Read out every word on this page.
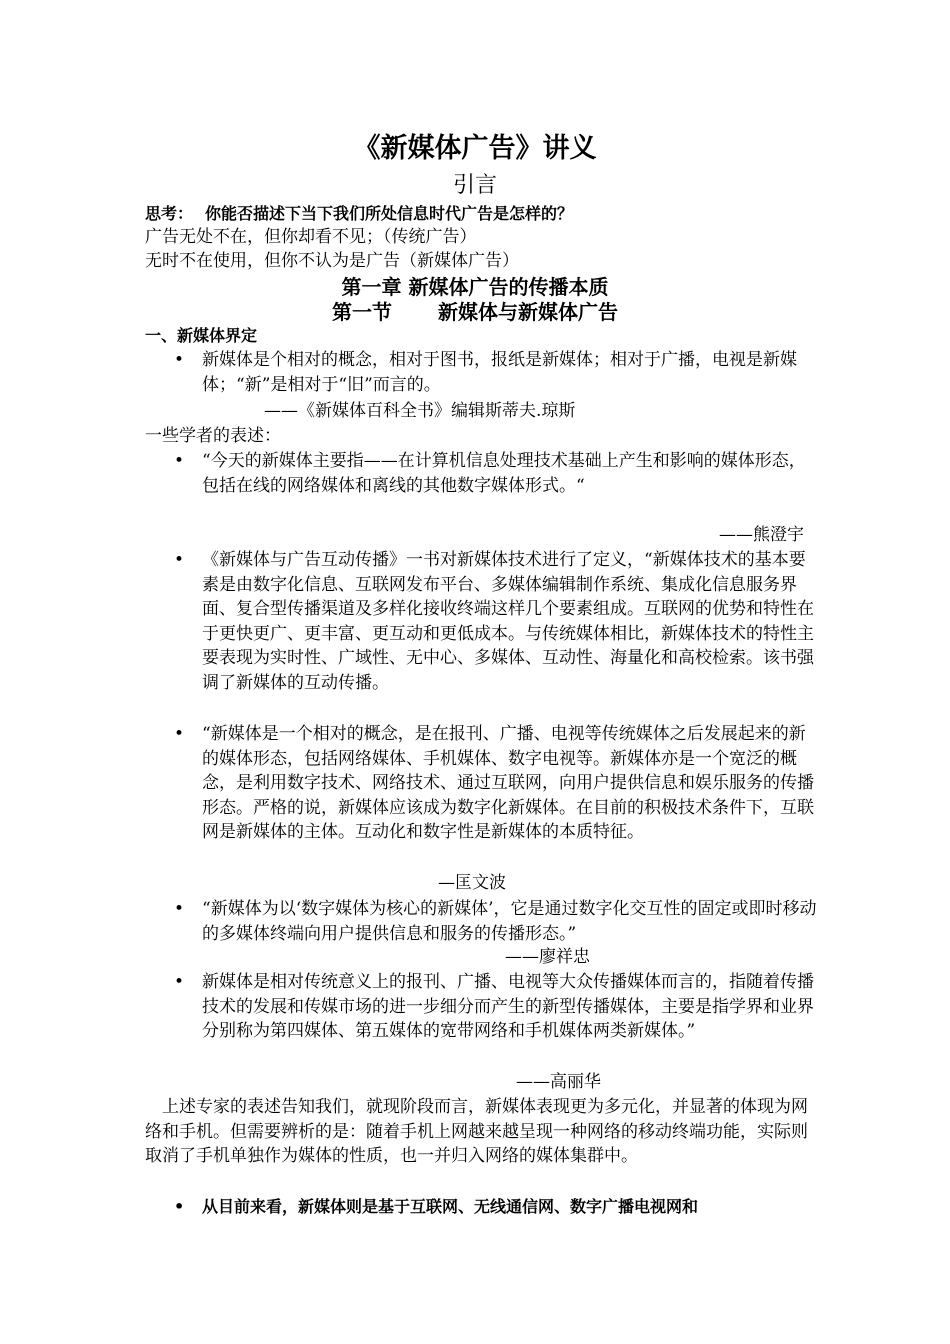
《新媒体广告》讲义
引言
思考： 你能否描述下当下我们所处信息时代广告是怎样的？
广告无处不在，但你却看不见；（传统广告）
无时不在使用，但你不认为是广告（新媒体广告）
第一章 新媒体广告的传播本质
第一节 新媒体与新媒体广告
一、新媒体界定
• 新媒体是个相对的概念，相对于图书，报纸是新媒体；相对于广播，电视是新媒体；“新”是相对于“旧”而言的。
——《新媒体百科全书》编辑斯蒂夫.琼斯
一些学者的表述：
• “今天的新媒体主要指——在计算机信息处理技术基础上产生和影响的媒体形态，包括在线的网络媒体和离线的其他数字媒体形式。“
——熊澄宇
• 《新媒体与广告互动传播》一书对新媒体技术进行了定义，“新媒体技术的基本要素是由数字化信息、互联网发布平台、多媒体编辑制作系统、集成化信息服务界面、复合型传播渠道及多样化接收终端这样几个要素组成。互联网的优势和特性在于更快更广、更丰富、更互动和更低成本。与传统媒体相比，新媒体技术的特性主要表现为实时性、广域性、无中心、多媒体、互动性、海量化和高校检索。该书强调了新媒体的互动传播。
• “新媒体是一个相对的概念，是在报刊、广播、电视等传统媒体之后发展起来的新的媒体形态，包括网络媒体、手机媒体、数字电视等。新媒体亦是一个宽泛的概念，是利用数字技术、网络技术、通过互联网，向用户提供信息和娱乐服务的传播形态。严格的说，新媒体应该成为数字化新媒体。在目前的积极技术条件下，互联网是新媒体的主体。互动化和数字性是新媒体的本质特征。
—匡文波
• “新媒体为以‘数字媒体为核心的新媒体’，它是通过数字化交互性的固定或即时移动的多媒体终端向用户提供信息和服务的传播形态。”
——廖祥忠
• 新媒体是相对传统意义上的报刊、广播、电视等大众传播媒体而言的，指随着传播技术的发展和传媒市场的进一步细分而产生的新型传播媒体，主要是指学界和业界分别称为第四媒体、第五媒体的宽带网络和手机媒体两类新媒体。”
——高丽华
上述专家的表述告知我们，就现阶段而言，新媒体表现更为多元化，并显著的体现为网络和手机。但需要辨析的是：随着手机上网越来越呈现一种网络的移动终端功能，实际则取消了手机单独作为媒体的性质，也一并归入网络的媒体集群中。
• 从目前来看，新媒体则是基于互联网、无线通信网、数字广播电视网和
